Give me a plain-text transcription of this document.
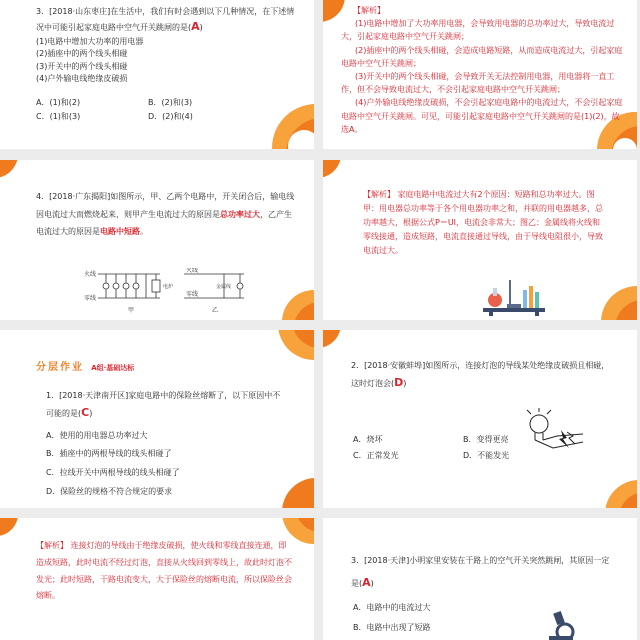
3．[2018·山东枣庄]在生活中，我们有时会遇到以下几种情况，在下述情况中可能引起家庭电路中空气开关跳闸的是(A)
(1)电路中增加大功率的用电器
(2)插座中的两个线头相碰
(3)开关中的两个线头相碰
(4)户外输电线绝缘皮破损
A．(1)和(2)	B．(2)和(3)
C．(1)和(3)	D．(2)和(4)
【解析】
(1)电路中增加了大功率用电器，会导致用电器的总功率过大，导致电流过大，引起家庭电路中空气开关跳闸；
(2)插座中的两个线头相碰，会造成电路短路，从而造成电流过大，引起家庭电路中空气开关跳闸；
(3)开关中的两个线头相碰，会导致开关无法控制用电器，用电器将一直工作，但不会导致电流过大，不会引起家庭电路中空气开关跳闸；
(4)户外输电线绝缘皮破损，不会引起家庭电路中的电流过大，不会引起家庭电路中空气开关跳闸。可见，可能引起家庭电路中空气开关跳闸的是(1)(2)，故选A。
4．[2018·广东揭阳]如图所示，甲、乙两个电路中，开关闭合后，输电线因电流过大而燃烧起来，则甲产生电流过大的原因是总功率过大，乙产生电流过大的原因是电路中短路。
火线
零线
火线
零线
甲	乙
电炉	金属线
【解析】 家庭电路中电流过大有2个原因：短路和总功率过大。图甲：用电器总功率等于各个用电器功率之和，并联的用电器越多，总功率越大，根据公式P＝UI，电流会非常大；图乙：金属线将火线和零线接通，造成短路，电流直接通过导线，由于导线电阻很小，导致电流过大。
分层作业 A组·基础达标
1．[2018·天津南开区]家庭电路中的保险丝熔断了，以下原因中不可能的是(C)
A．使用的用电器总功率过大
B．插座中的两根导线的线头相碰了
C．拉线开关中两根导线的线头相碰了
D．保险丝的规格不符合规定的要求
2．[2018·安徽蚌埠]如图所示，连接灯泡的导线某处绝缘皮破损且相碰，这时灯泡会(D)
A．烧坏	B．变得更亮
C．正常发光	D．不能发光
【解析】 连接灯泡的导线由于绝缘皮破损，使火线和零线直接连通，即造成短路，此时电流不经过灯泡，直接从火线回到零线上，故此时灯泡不发光；此时短路，干路电流变大，大于保险丝的熔断电流，所以保险丝会熔断。
3．[2018·天津]小明家里安装在干路上的空气开关突然跳闸，其原因一定是(A)
A．电路中的电流过大
B．电路中出现了短路
